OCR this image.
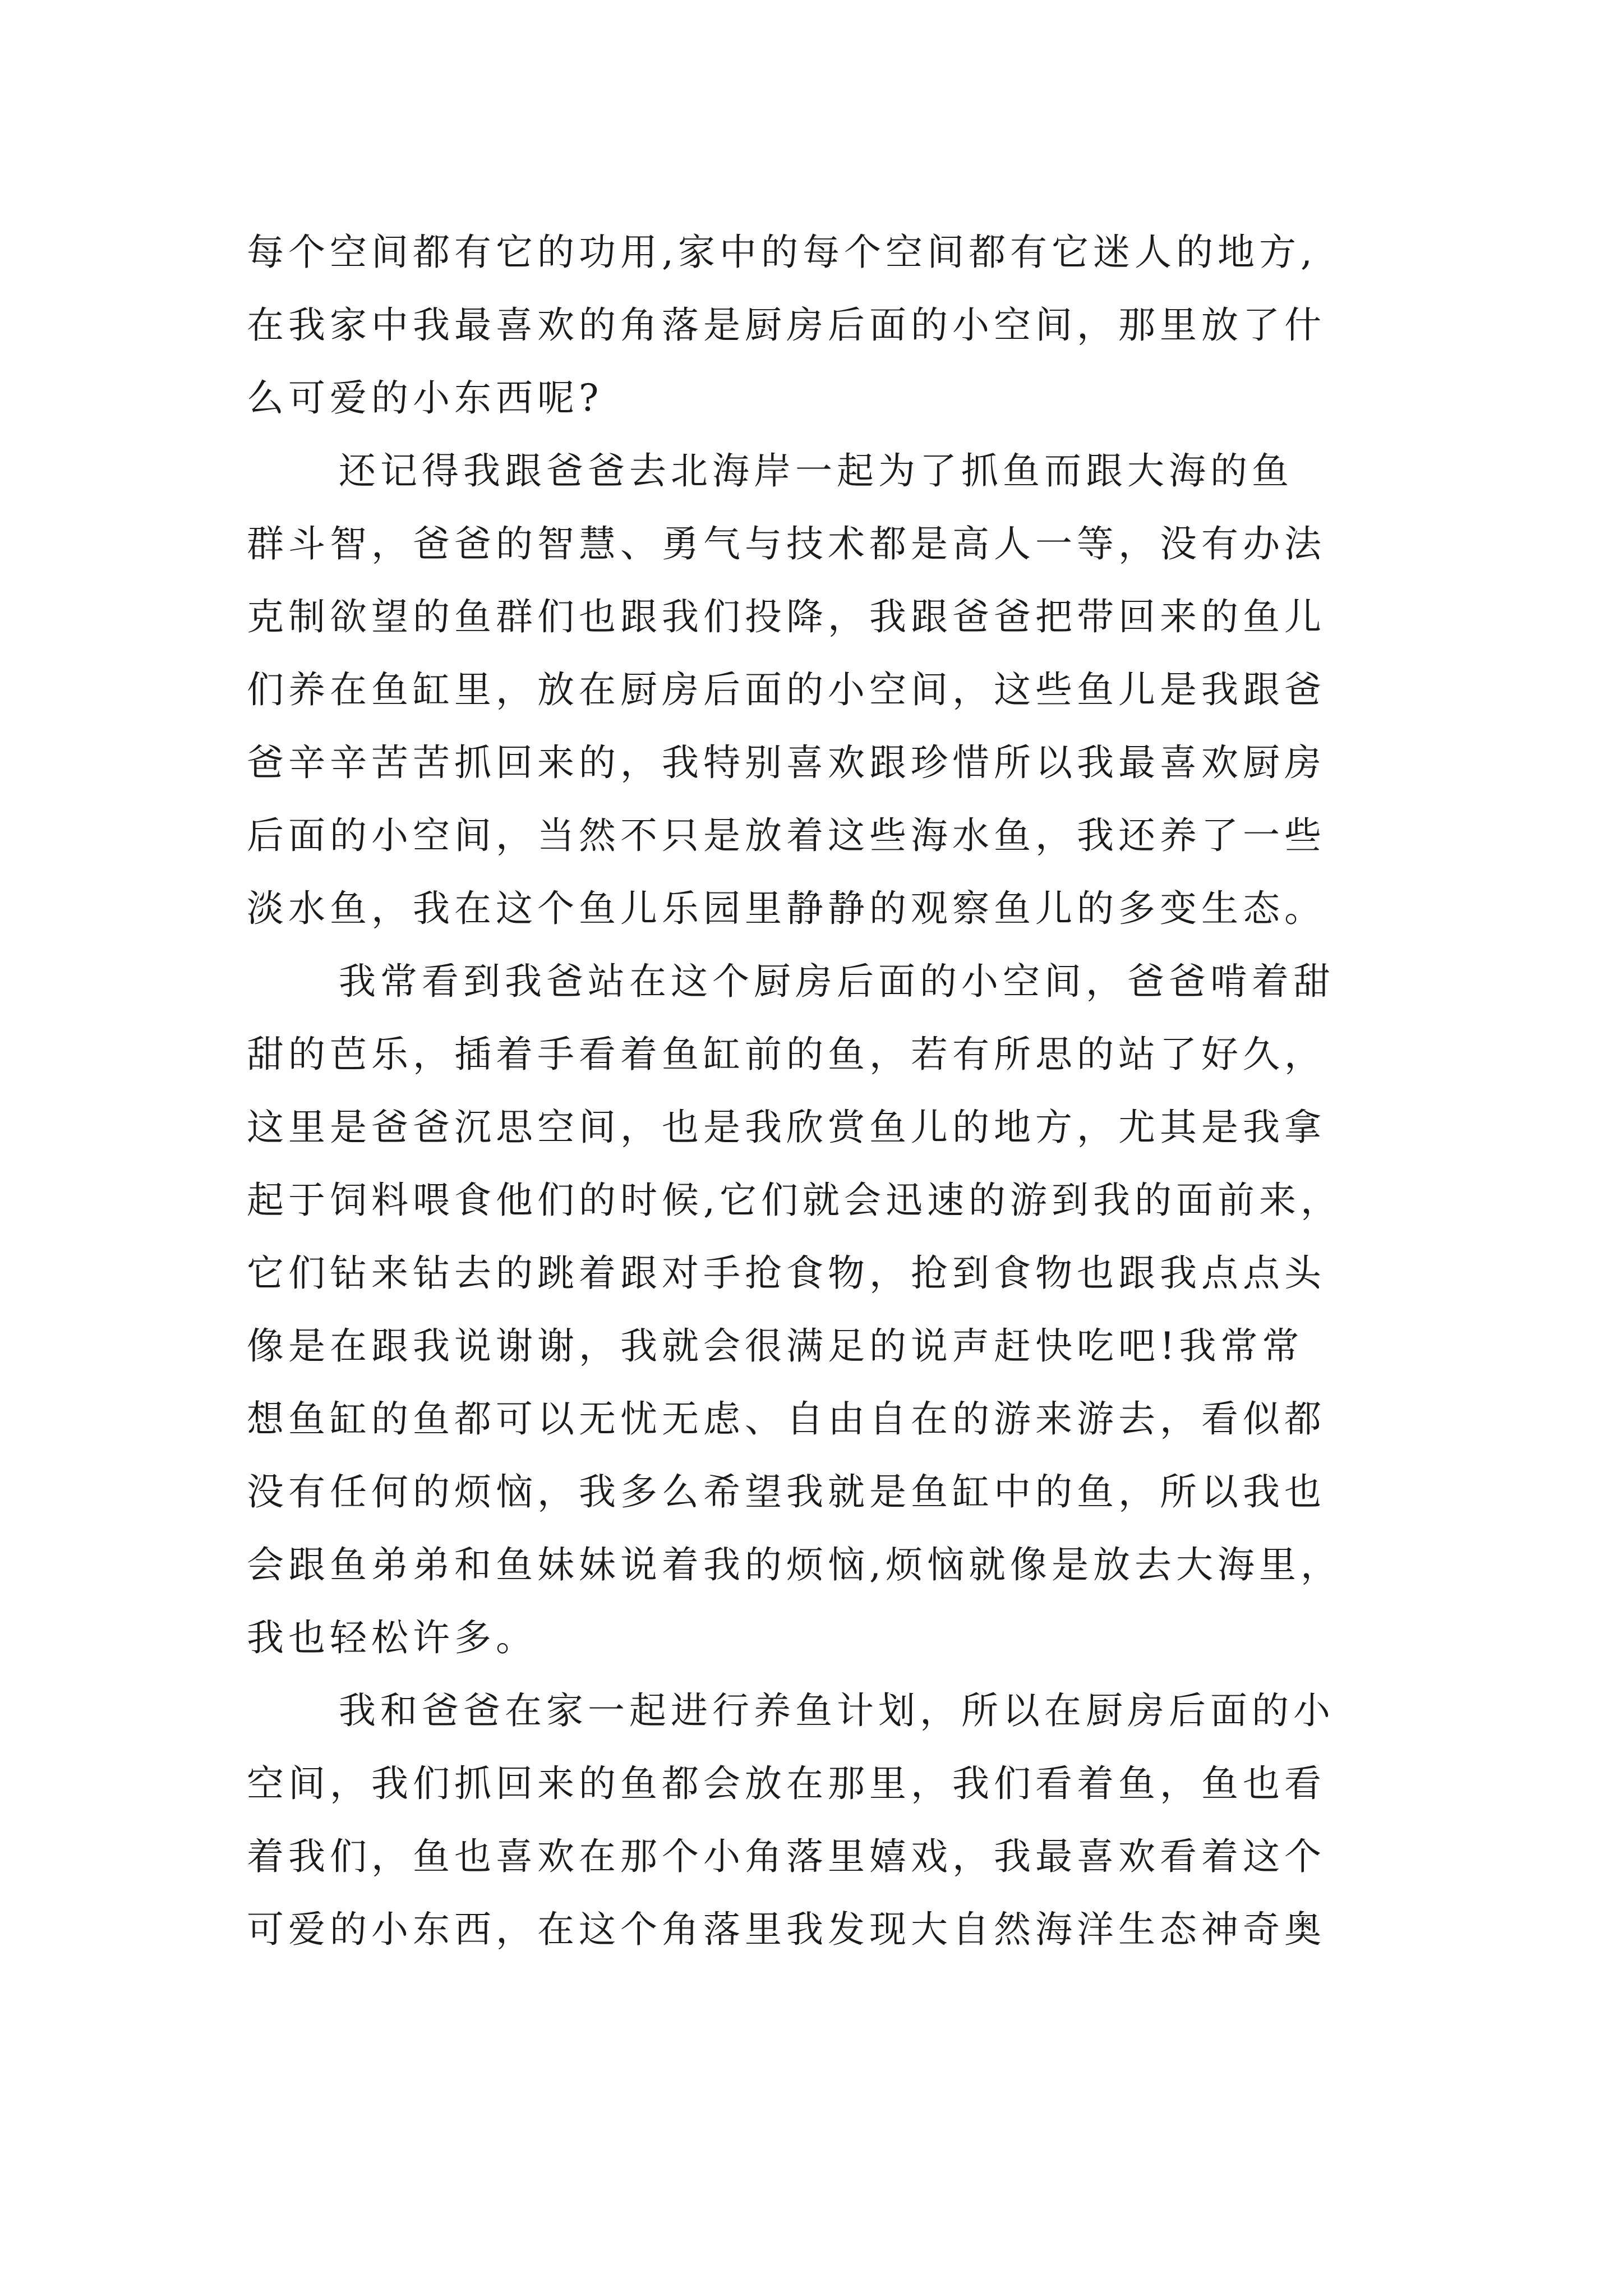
每个空间都有它的功用,家中的每个空间都有它迷人的地方,
在我家中我最喜欢的角落是厨房后面的小空间，那里放了什
么可爱的小东西呢?
还记得我跟爸爸去北海岸一起为了抓鱼而跟大海的鱼
群斗智，爸爸的智慧、勇气与技术都是高人一等，没有办法
克制欲望的鱼群们也跟我们投降，我跟爸爸把带回来的鱼儿
们养在鱼缸里，放在厨房后面的小空间，这些鱼儿是我跟爸
爸辛辛苦苦抓回来的，我特别喜欢跟珍惜所以我最喜欢厨房
后面的小空间，当然不只是放着这些海水鱼，我还养了一些
淡水鱼，我在这个鱼儿乐园里静静的观察鱼儿的多变生态。
我常看到我爸站在这个厨房后面的小空间，爸爸啃着甜
甜的芭乐，插着手看着鱼缸前的鱼，若有所思的站了好久，
这里是爸爸沉思空间，也是我欣赏鱼儿的地方，尤其是我拿
起于饲料喂食他们的时候,它们就会迅速的游到我的面前来，
它们钻来钻去的跳着跟对手抢食物，抢到食物也跟我点点头
像是在跟我说谢谢，我就会很满足的说声赶快吃吧!我常常
想鱼缸的鱼都可以无忧无虑、自由自在的游来游去，看似都
没有任何的烦恼，我多么希望我就是鱼缸中的鱼，所以我也
会跟鱼弟弟和鱼妹妹说着我的烦恼,烦恼就像是放去大海里，
我也轻松许多。
我和爸爸在家一起进行养鱼计划，所以在厨房后面的小
空间，我们抓回来的鱼都会放在那里，我们看着鱼，鱼也看
着我们，鱼也喜欢在那个小角落里嬉戏，我最喜欢看着这个
可爱的小东西，在这个角落里我发现大自然海洋生态神奇奥
